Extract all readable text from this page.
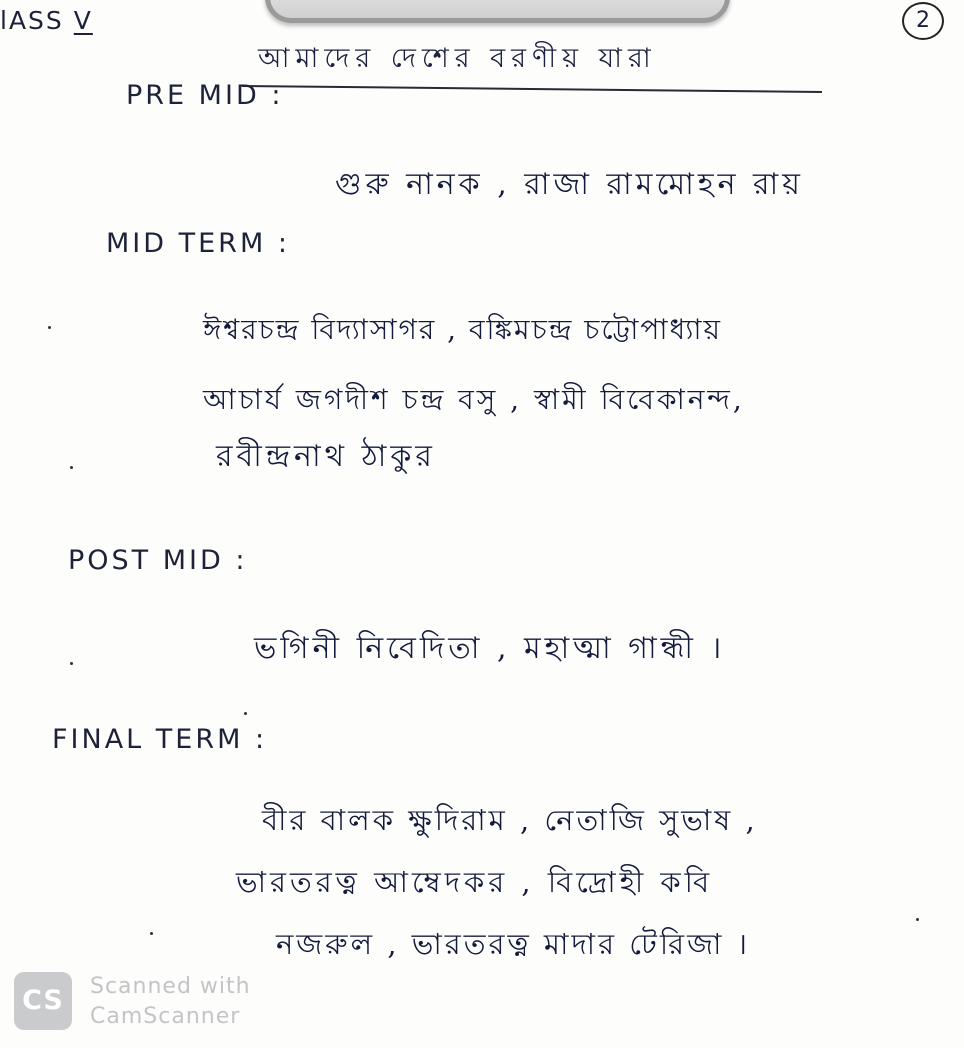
lASS V	2
আমাদের দেশের বরণীয় যারা
PRE MID :
গুরু নানক , রাজা রামমোহন রায়
MID TERM :
ঈশ্বরচন্দ্র বিদ্যাসাগর , বঙ্কিমচন্দ্র চট্টোপাধ্যায়
আচার্য জগদীশ চন্দ্র বসু , স্বামী বিবেকানন্দ,
রবীন্দ্রনাথ ঠাকুর
POST MID :
ভগিনী নিবেদিতা , মহাত্মা গান্ধী ।
FINAL TERM :
বীর বালক ক্ষুদিরাম , নেতাজি সুভাষ ,
ভারতরত্ন আম্বেদকর , বিদ্রোহী কবি
নজরুল , ভারতরত্ন মাদার টেরিজা ।
CS	Scanned with
CamScanner
